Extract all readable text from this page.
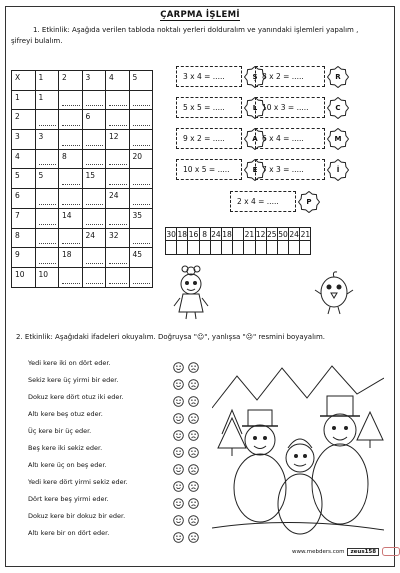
ÇARPMA İŞLEMİ
1. Etkinlik: Aşağıda verilen tabloda noktalı yerleri dolduralım ve yanındaki işlemleri yapalım ,
şifreyi bulalım.
X	1	2	3	4	5
1	1	

2			6	

3	3			12	

4		8			20
5	5		15	

6				24	

7		14			35
8			24	32	

9		18			45
10	10	

3 x 4 = .....	Ş 8 x 2 = .....	R
5 x 5 = .....	L 10 x 3 = .....	C
9 x 2 = .....	A 6 x 4 = .....	M
10 x 5 = .....	E 7 x 3 = .....	İ
2 x 4 = .....	P
30	18	16	8	24	18		21	12	25	50	24	21

2. Etkinlik: Aşağıdaki ifadeleri okuyalım. Doğruysa "☺", yanlışsa "☹" resmini boyayalım.
Yedi kere iki on dört eder.
Sekiz kere üç yirmi bir eder.
Dokuz kere dört otuz iki eder.
Altı kere beş otuz eder.
Üç kere bir üç eder.
Beş kere iki sekiz eder.
Altı kere üç on beş eder.
Yedi kere dört yirmi sekiz eder.
Dört kere beş yirmi eder.
Dokuz kere bir dokuz bir eder.
Altı kere bir on dört eder.
www.mebders.com	zeus158
